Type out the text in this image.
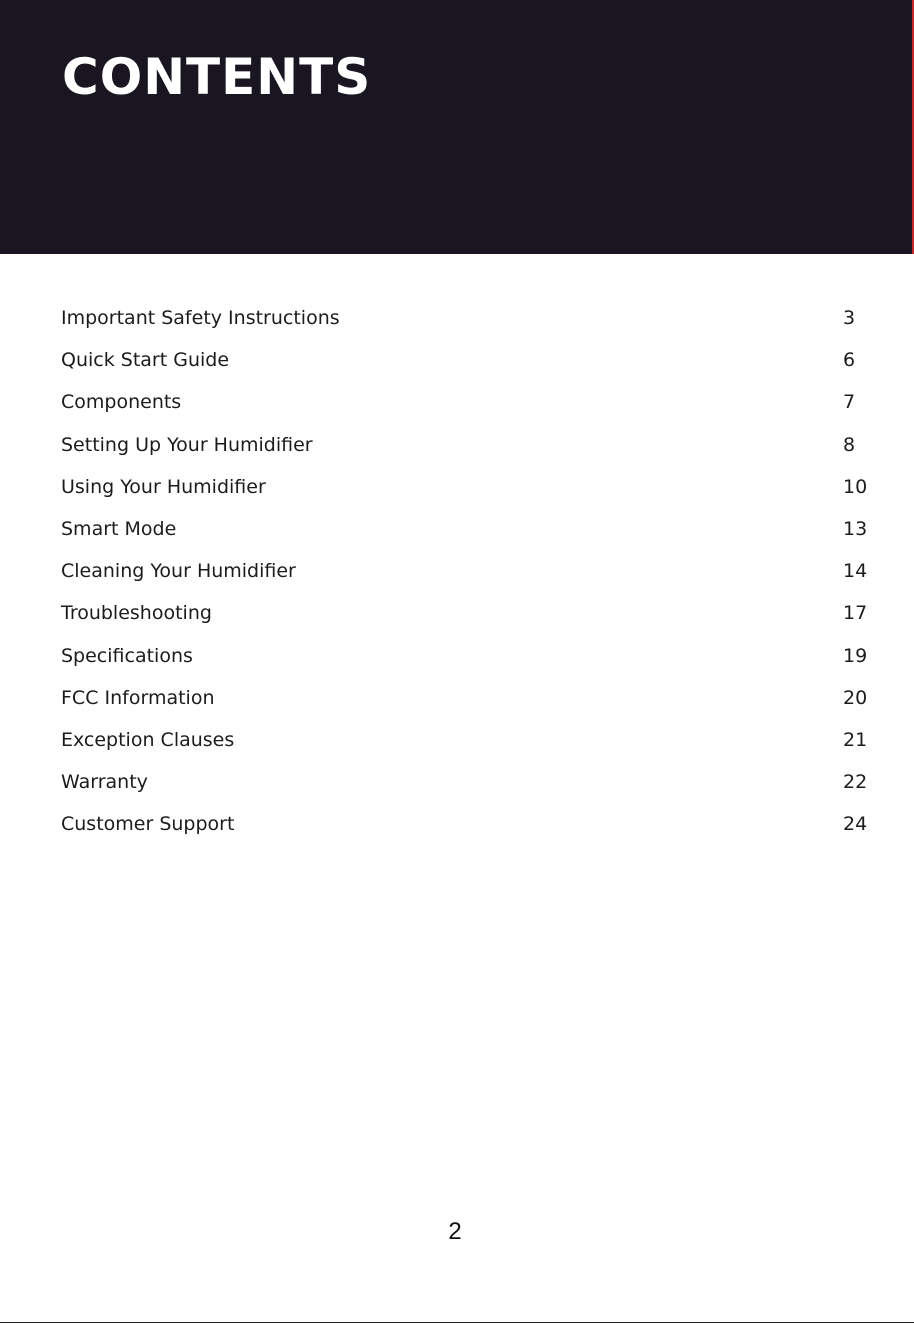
CONTENTS
Important Safety Instructions	3
Quick Start Guide	6
Components	7
Setting Up Your Humidifier	8
Using Your Humidifier	10
Smart Mode	13
Cleaning Your Humidifier	14
Troubleshooting	17
Specifications	19
FCC Information	20
Exception Clauses	21
Warranty	22
Customer Support	24
2
